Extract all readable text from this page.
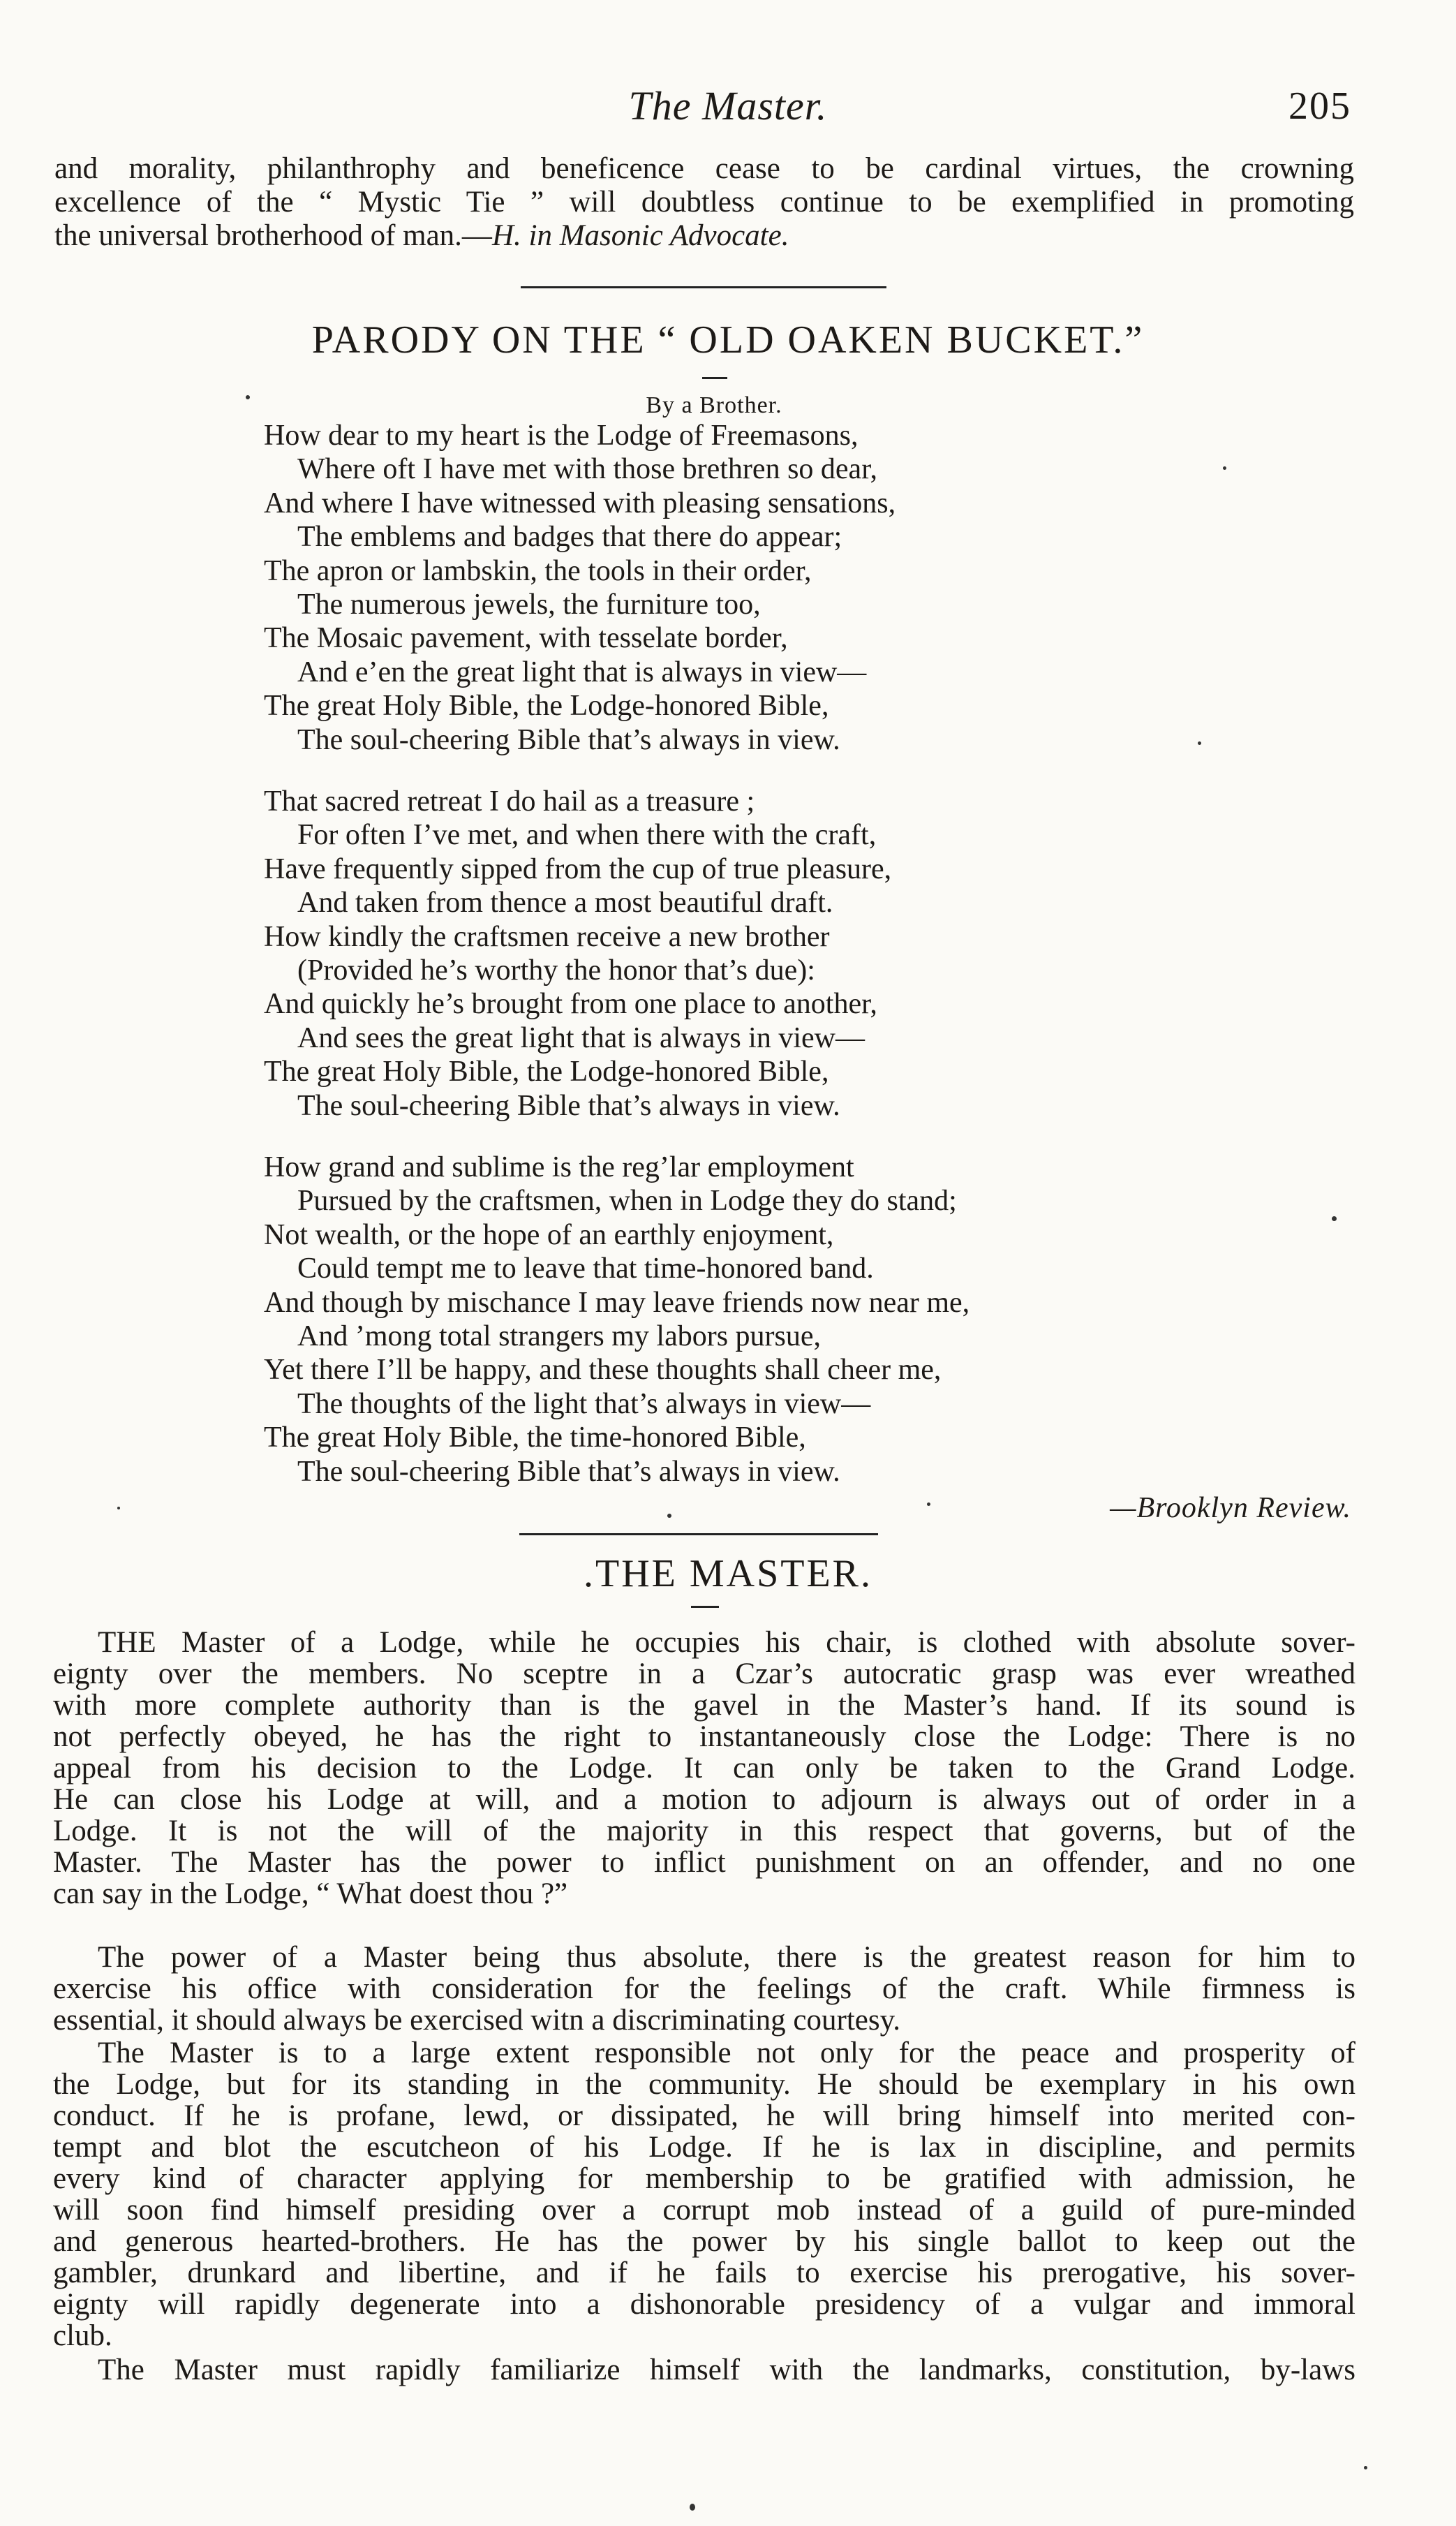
The Master.	205
and morality, philanthrophy and beneficence cease to be cardinal virtues, the crowning
excellence of the “ Mystic Tie ” will doubtless continue to be exemplified in promoting
the universal brotherhood of man.—H. in Masonic Advocate.
PARODY ON THE “ OLD OAKEN BUCKET.”
By a Brother.
How dear to my heart is the Lodge of Freemasons,
Where oft I have met with those brethren so dear,
And where I have witnessed with pleasing sensations,
The emblems and badges that there do appear;
The apron or lambskin, the tools in their order,
The numerous jewels, the furniture too,
The Mosaic pavement, with tesselate border,
And e’en the great light that is always in view—
The great Holy Bible, the Lodge-honored Bible,
The soul-cheering Bible that’s always in view.
That sacred retreat I do hail as a treasure ;
For often I’ve met, and when there with the craft,
Have frequently sipped from the cup of true pleasure,
And taken from thence a most beautiful draft.
How kindly the craftsmen receive a new brother
(Provided he’s worthy the honor that’s due):
And quickly he’s brought from one place to another,
And sees the great light that is always in view—
The great Holy Bible, the Lodge-honored Bible,
The soul-cheering Bible that’s always in view.
How grand and sublime is the reg’lar employment
Pursued by the craftsmen, when in Lodge they do stand;
Not wealth, or the hope of an earthly enjoyment,
Could tempt me to leave that time-honored band.
And though by mischance I may leave friends now near me,
And ’mong total strangers my labors pursue,
Yet there I’ll be happy, and these thoughts shall cheer me,
The thoughts of the light that’s always in view—
The great Holy Bible, the time-honored Bible,
The soul-cheering Bible that’s always in view.
—Brooklyn Review.
.THE MASTER.
THE Master of a Lodge, while he occupies his chair, is clothed with absolute sover-
eignty over the members. No sceptre in a Czar’s autocratic grasp was ever wreathed
with more complete authority than is the gavel in the Master’s hand. If its sound is
not perfectly obeyed, he has the right to instantaneously close the Lodge: There is no
appeal from his decision to the Lodge. It can only be taken to the Grand Lodge.
He can close his Lodge at will, and a motion to adjourn is always out of order in a
Lodge. It is not the will of the majority in this respect that governs, but of the
Master. The Master has the power to inflict punishment on an offender, and no one
can say in the Lodge, “ What doest thou ?”
The power of a Master being thus absolute, there is the greatest reason for him to
exercise his office with consideration for the feelings of the craft. While firmness is
essential, it should always be exercised witn a discriminating courtesy.
The Master is to a large extent responsible not only for the peace and prosperity of
the Lodge, but for its standing in the community. He should be exemplary in his own
conduct. If he is profane, lewd, or dissipated, he will bring himself into merited con-
tempt and blot the escutcheon of his Lodge. If he is lax in discipline, and permits
every kind of character applying for membership to be gratified with admission, he
will soon find himself presiding over a corrupt mob instead of a guild of pure-minded
and generous hearted-brothers. He has the power by his single ballot to keep out the
gambler, drunkard and libertine, and if he fails to exercise his prerogative, his sover-
eignty will rapidly degenerate into a dishonorable presidency of a vulgar and immoral
club.
The Master must rapidly familiarize himself with the landmarks, constitution, by-laws
